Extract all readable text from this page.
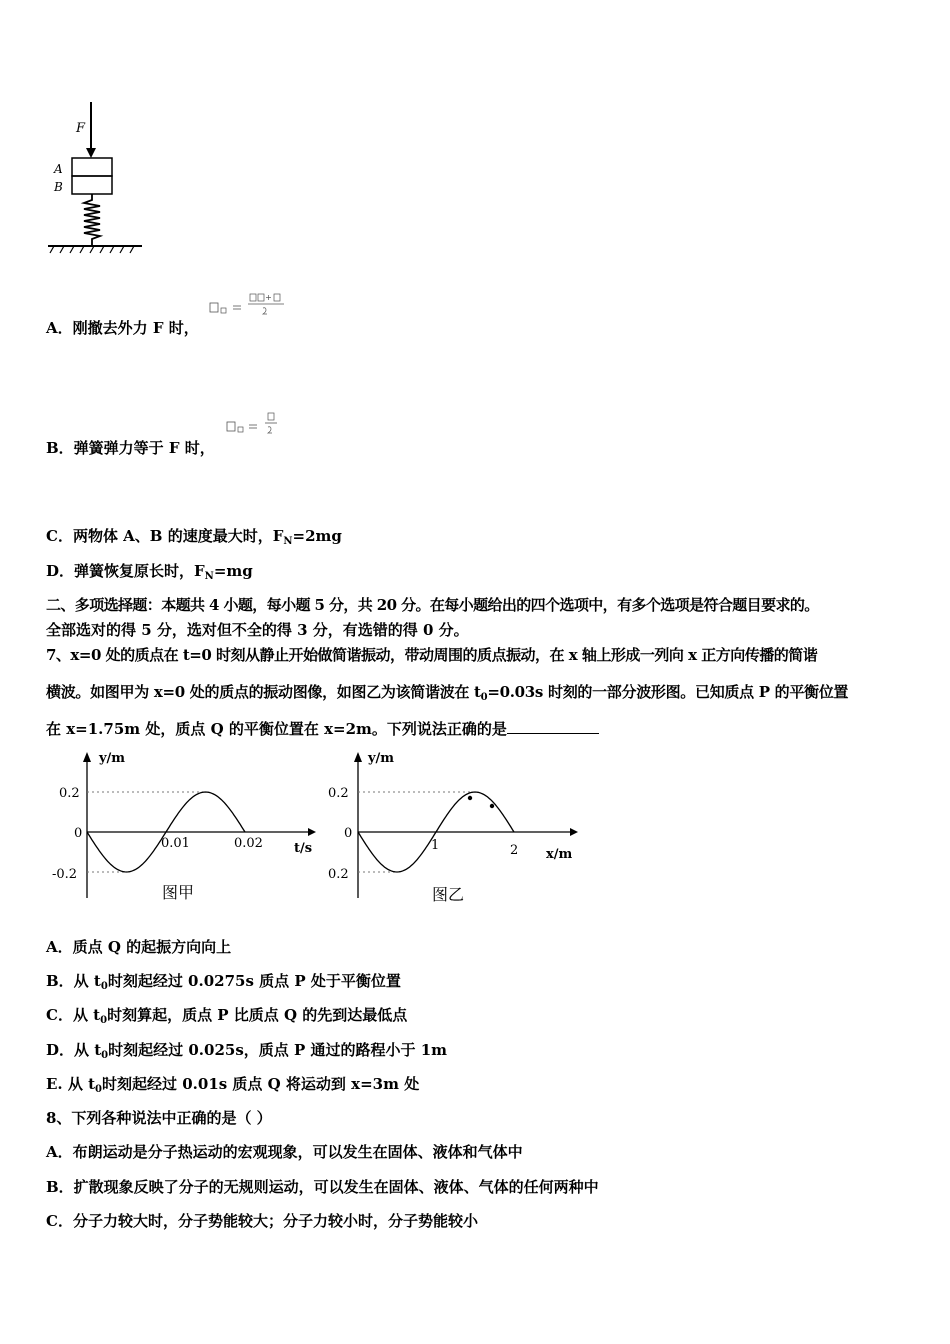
F
A
B
A．刚撤去外力 F 时，
B．弹簧弹力等于 F 时，
C．两物体 A、B 的速度最大时，$F_N=2mg$
D．弹簧恢复原长时，$F_N=mg$
二、多项选择题：本题共 4 小题，每小题 5 分，共 20 分。在每小题给出的四个选项中，有多个选项是符合题目要求的。
全部选对的得 5 分，选对但不全的得 3 分，有选错的得 0 分。
7、x=0 处的质点在 t=0 时刻从静止开始做简谐振动，带动周围的质点振动，在 x 轴上形成一列向 x 正方向传播的简谐
横波。如图甲为 x=0 处的质点的振动图像，如图乙为该简谐波在 $t_0=0.03s$ 时刻的一部分波形图。已知质点 P 的平衡位置
在 x=1.75m 处，质点 Q 的平衡位置在 x=2m。下列说法正确的是
y/m
t/s
0.2
0
-0.2
0.01	0.02
图甲
y/m
x/m
0.2
0
0.2
1	2
图乙
A．质点 Q 的起振方向向上
B．从 $t_0$时刻起经过 0.0275s 质点 P 处于平衡位置
C．从 $t_0$时刻算起，质点 P 比质点 Q 的先到达最低点
D．从 $t_0$时刻起经过 0.025s，质点 P 通过的路程小于 1m
E. 从 $t_0$时刻起经过 0.01s 质点 Q 将运动到 x=3m 处
8、下列各种说法中正确的是（ ）
A．布朗运动是分子热运动的宏观现象，可以发生在固体、液体和气体中
B．扩散现象反映了分子的无规则运动，可以发生在固体、液体、气体的任何两种中
C．分子力较大时，分子势能较大；分子力较小时，分子势能较小
